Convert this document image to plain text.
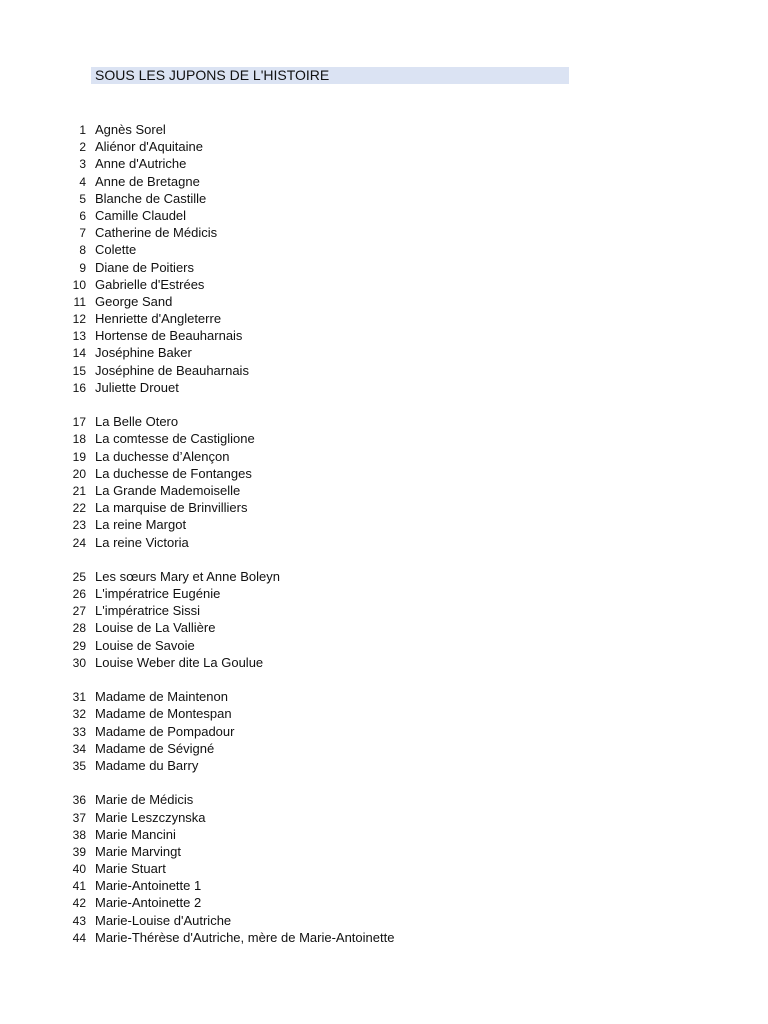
SOUS LES JUPONS DE L'HISTOIRE
1 Agnès Sorel
2 Aliénor d'Aquitaine
3 Anne d'Autriche
4 Anne de Bretagne
5 Blanche de Castille
6 Camille Claudel
7 Catherine de Médicis
8 Colette
9 Diane de Poitiers
10 Gabrielle d'Estrées
11 George Sand
12 Henriette d'Angleterre
13 Hortense de Beauharnais
14 Joséphine Baker
15 Joséphine de Beauharnais
16 Juliette Drouet
17 La Belle Otero
18 La comtesse de Castiglione
19 La duchesse d’Alençon
20 La duchesse de Fontanges
21 La Grande Mademoiselle
22 La marquise de Brinvilliers
23 La reine Margot
24 La reine Victoria
25 Les sœurs Mary et Anne Boleyn
26 L'impératrice Eugénie
27 L'impératrice Sissi
28 Louise de La Vallière
29 Louise de Savoie
30 Louise Weber dite La Goulue
31 Madame de Maintenon
32 Madame de Montespan
33 Madame de Pompadour
34 Madame de Sévigné
35 Madame du Barry
36 Marie de Médicis
37 Marie Leszczynska
38 Marie Mancini
39 Marie Marvingt
40 Marie Stuart
41 Marie-Antoinette 1
42 Marie-Antoinette 2
43 Marie-Louise d'Autriche
44 Marie-Thérèse d'Autriche, mère de Marie-Antoinette
